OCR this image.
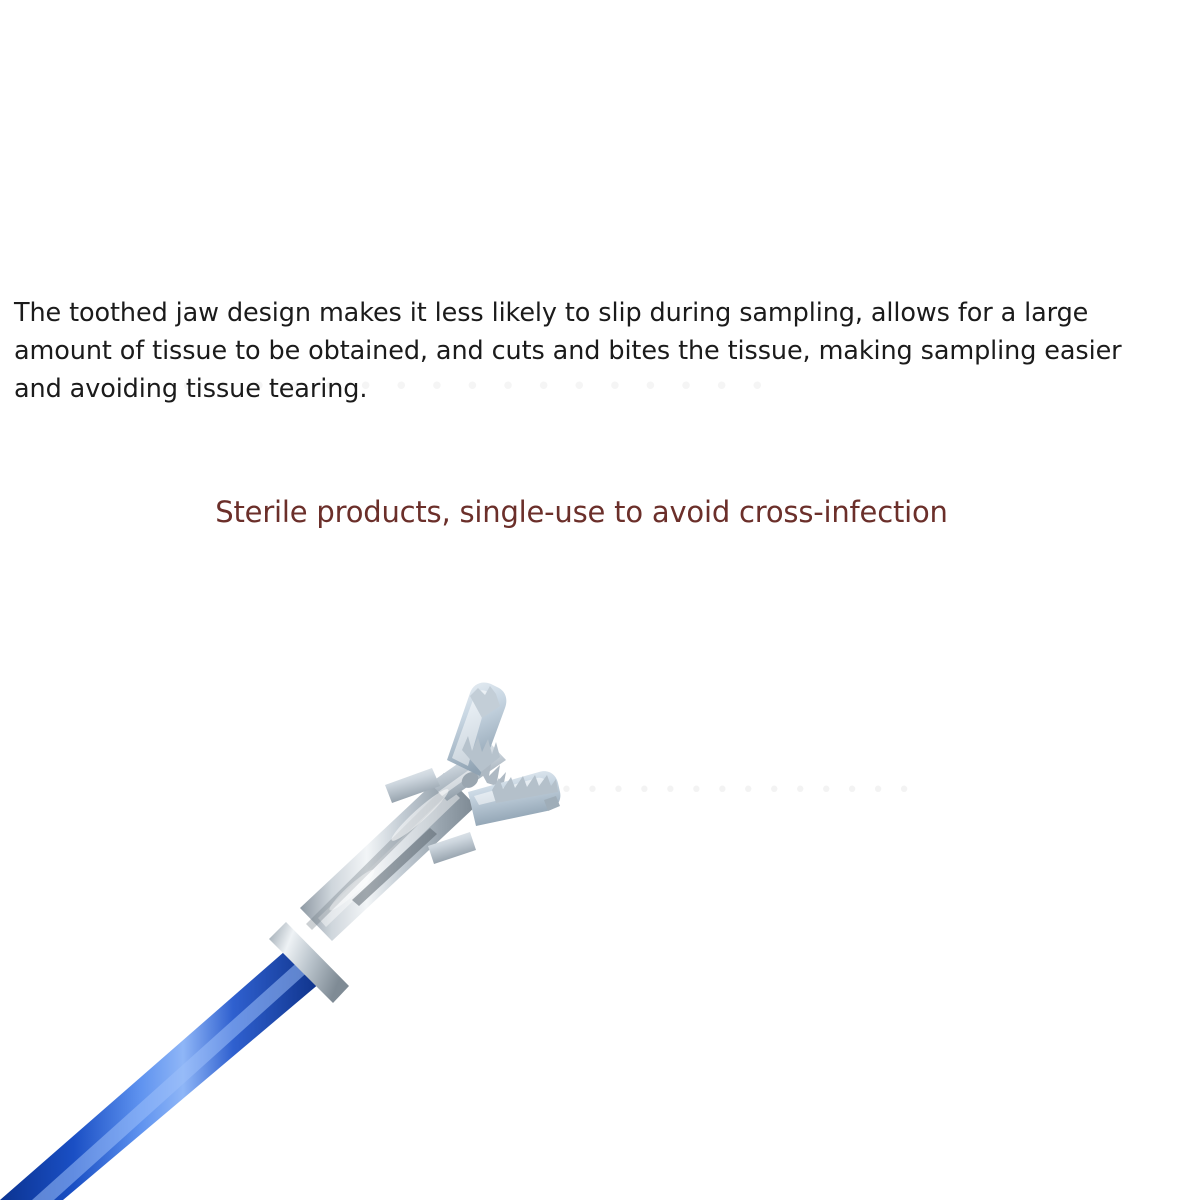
The toothed jaw design makes it less likely to slip during sampling, allows for a large amount of tissue to be obtained, and cuts and bites the tissue, making sampling easier and avoiding tissue tearing.

Sterile products, single-use to avoid cross-infection

• • • • • • • • • • • • • •
